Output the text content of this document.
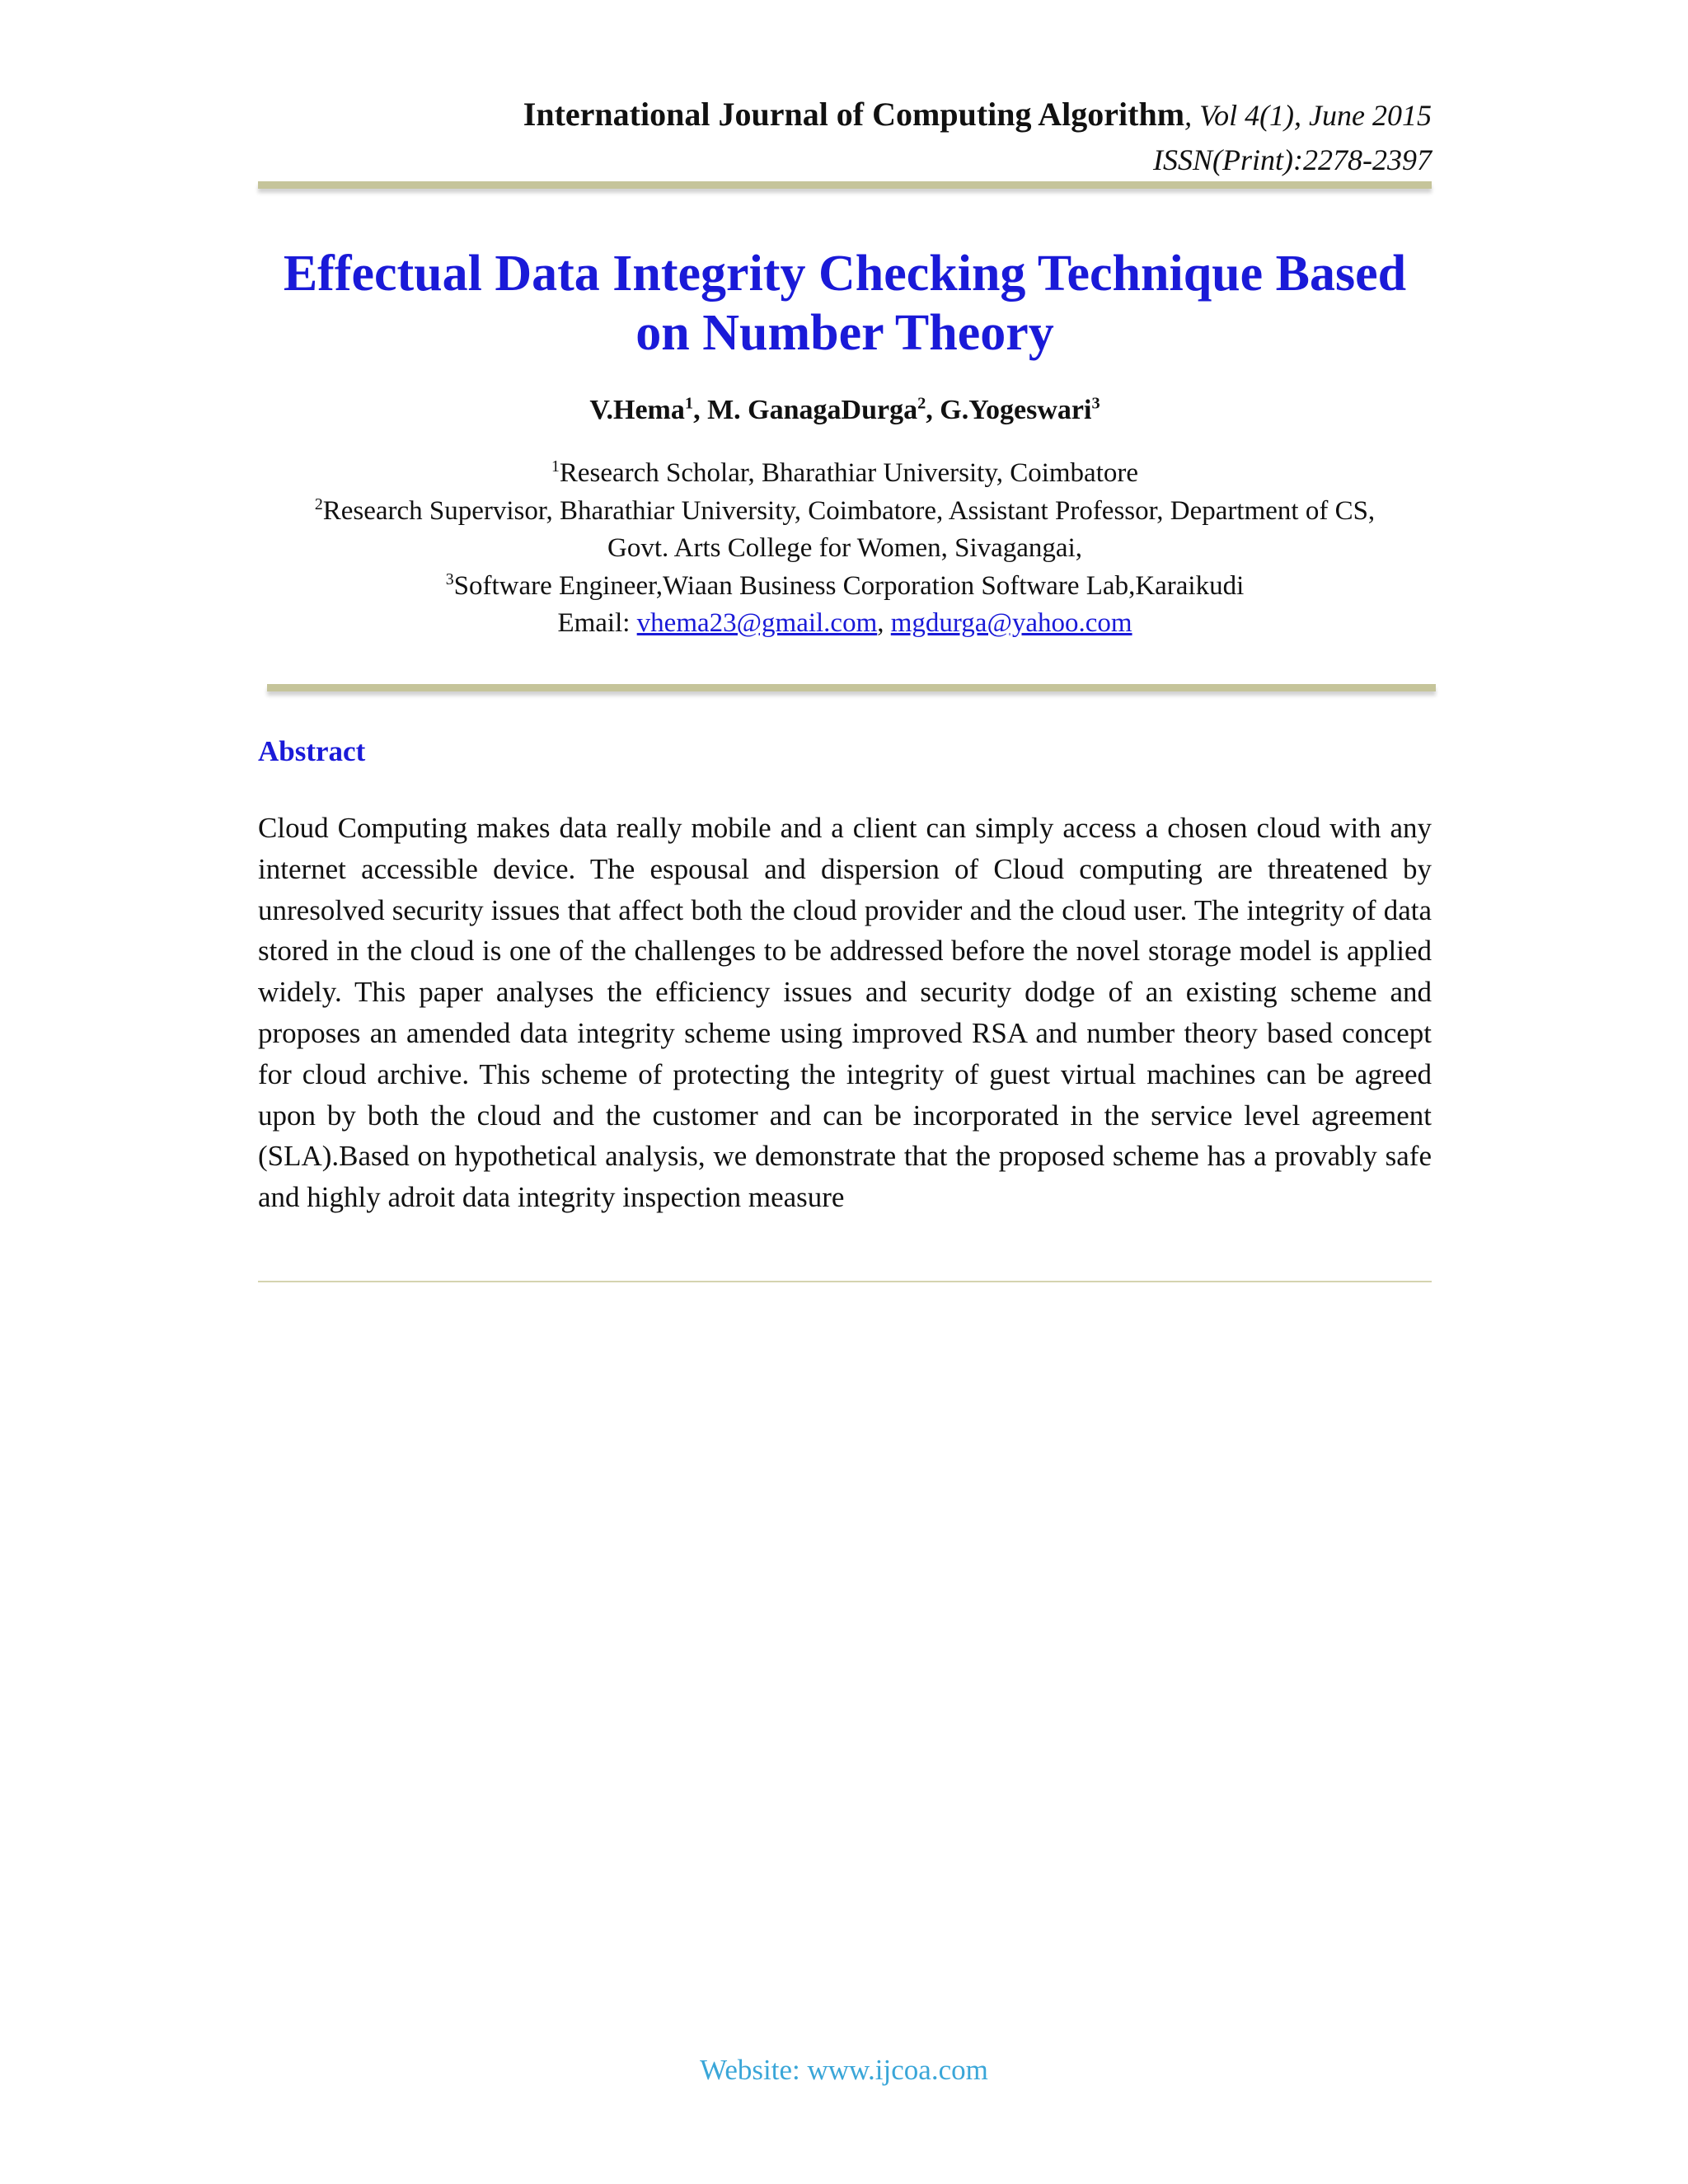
International Journal of Computing Algorithm, Vol 4(1), June 2015
ISSN(Print):2278-2397
Effectual Data Integrity Checking Technique Based on Number Theory
V.Hema$^1$, M. GanagaDurga$^2$, G.Yogeswari$^3$
$^1$Research Scholar, Bharathiar University, Coimbatore
$^2$Research Supervisor, Bharathiar University, Coimbatore, Assistant Professor, Department of CS,
Govt. Arts College for Women, Sivagangai,
$^3$Software Engineer,Wiaan Business Corporation Software Lab,Karaikudi
Email: vhema23@gmail.com, mgdurga@yahoo.com
Abstract

Cloud Computing makes data really mobile and a client can simply access a chosen cloud with any internet accessible device. The espousal and dispersion of Cloud computing are threatened by unresolved security issues that affect both the cloud provider and the cloud user. The integrity of data stored in the cloud is one of the challenges to be addressed before the novel storage model is applied widely. This paper analyses the efficiency issues and security dodge of an existing scheme and proposes an amended data integrity scheme using improved RSA and number theory based concept for cloud archive. This scheme of protecting the integrity of guest virtual machines can be agreed upon by both the cloud and the customer and can be incorporated in the service level agreement (SLA).Based on hypothetical analysis, we demonstrate that the proposed scheme has a provably safe and highly adroit data integrity inspection measure

Website: www.ijcoa.com
